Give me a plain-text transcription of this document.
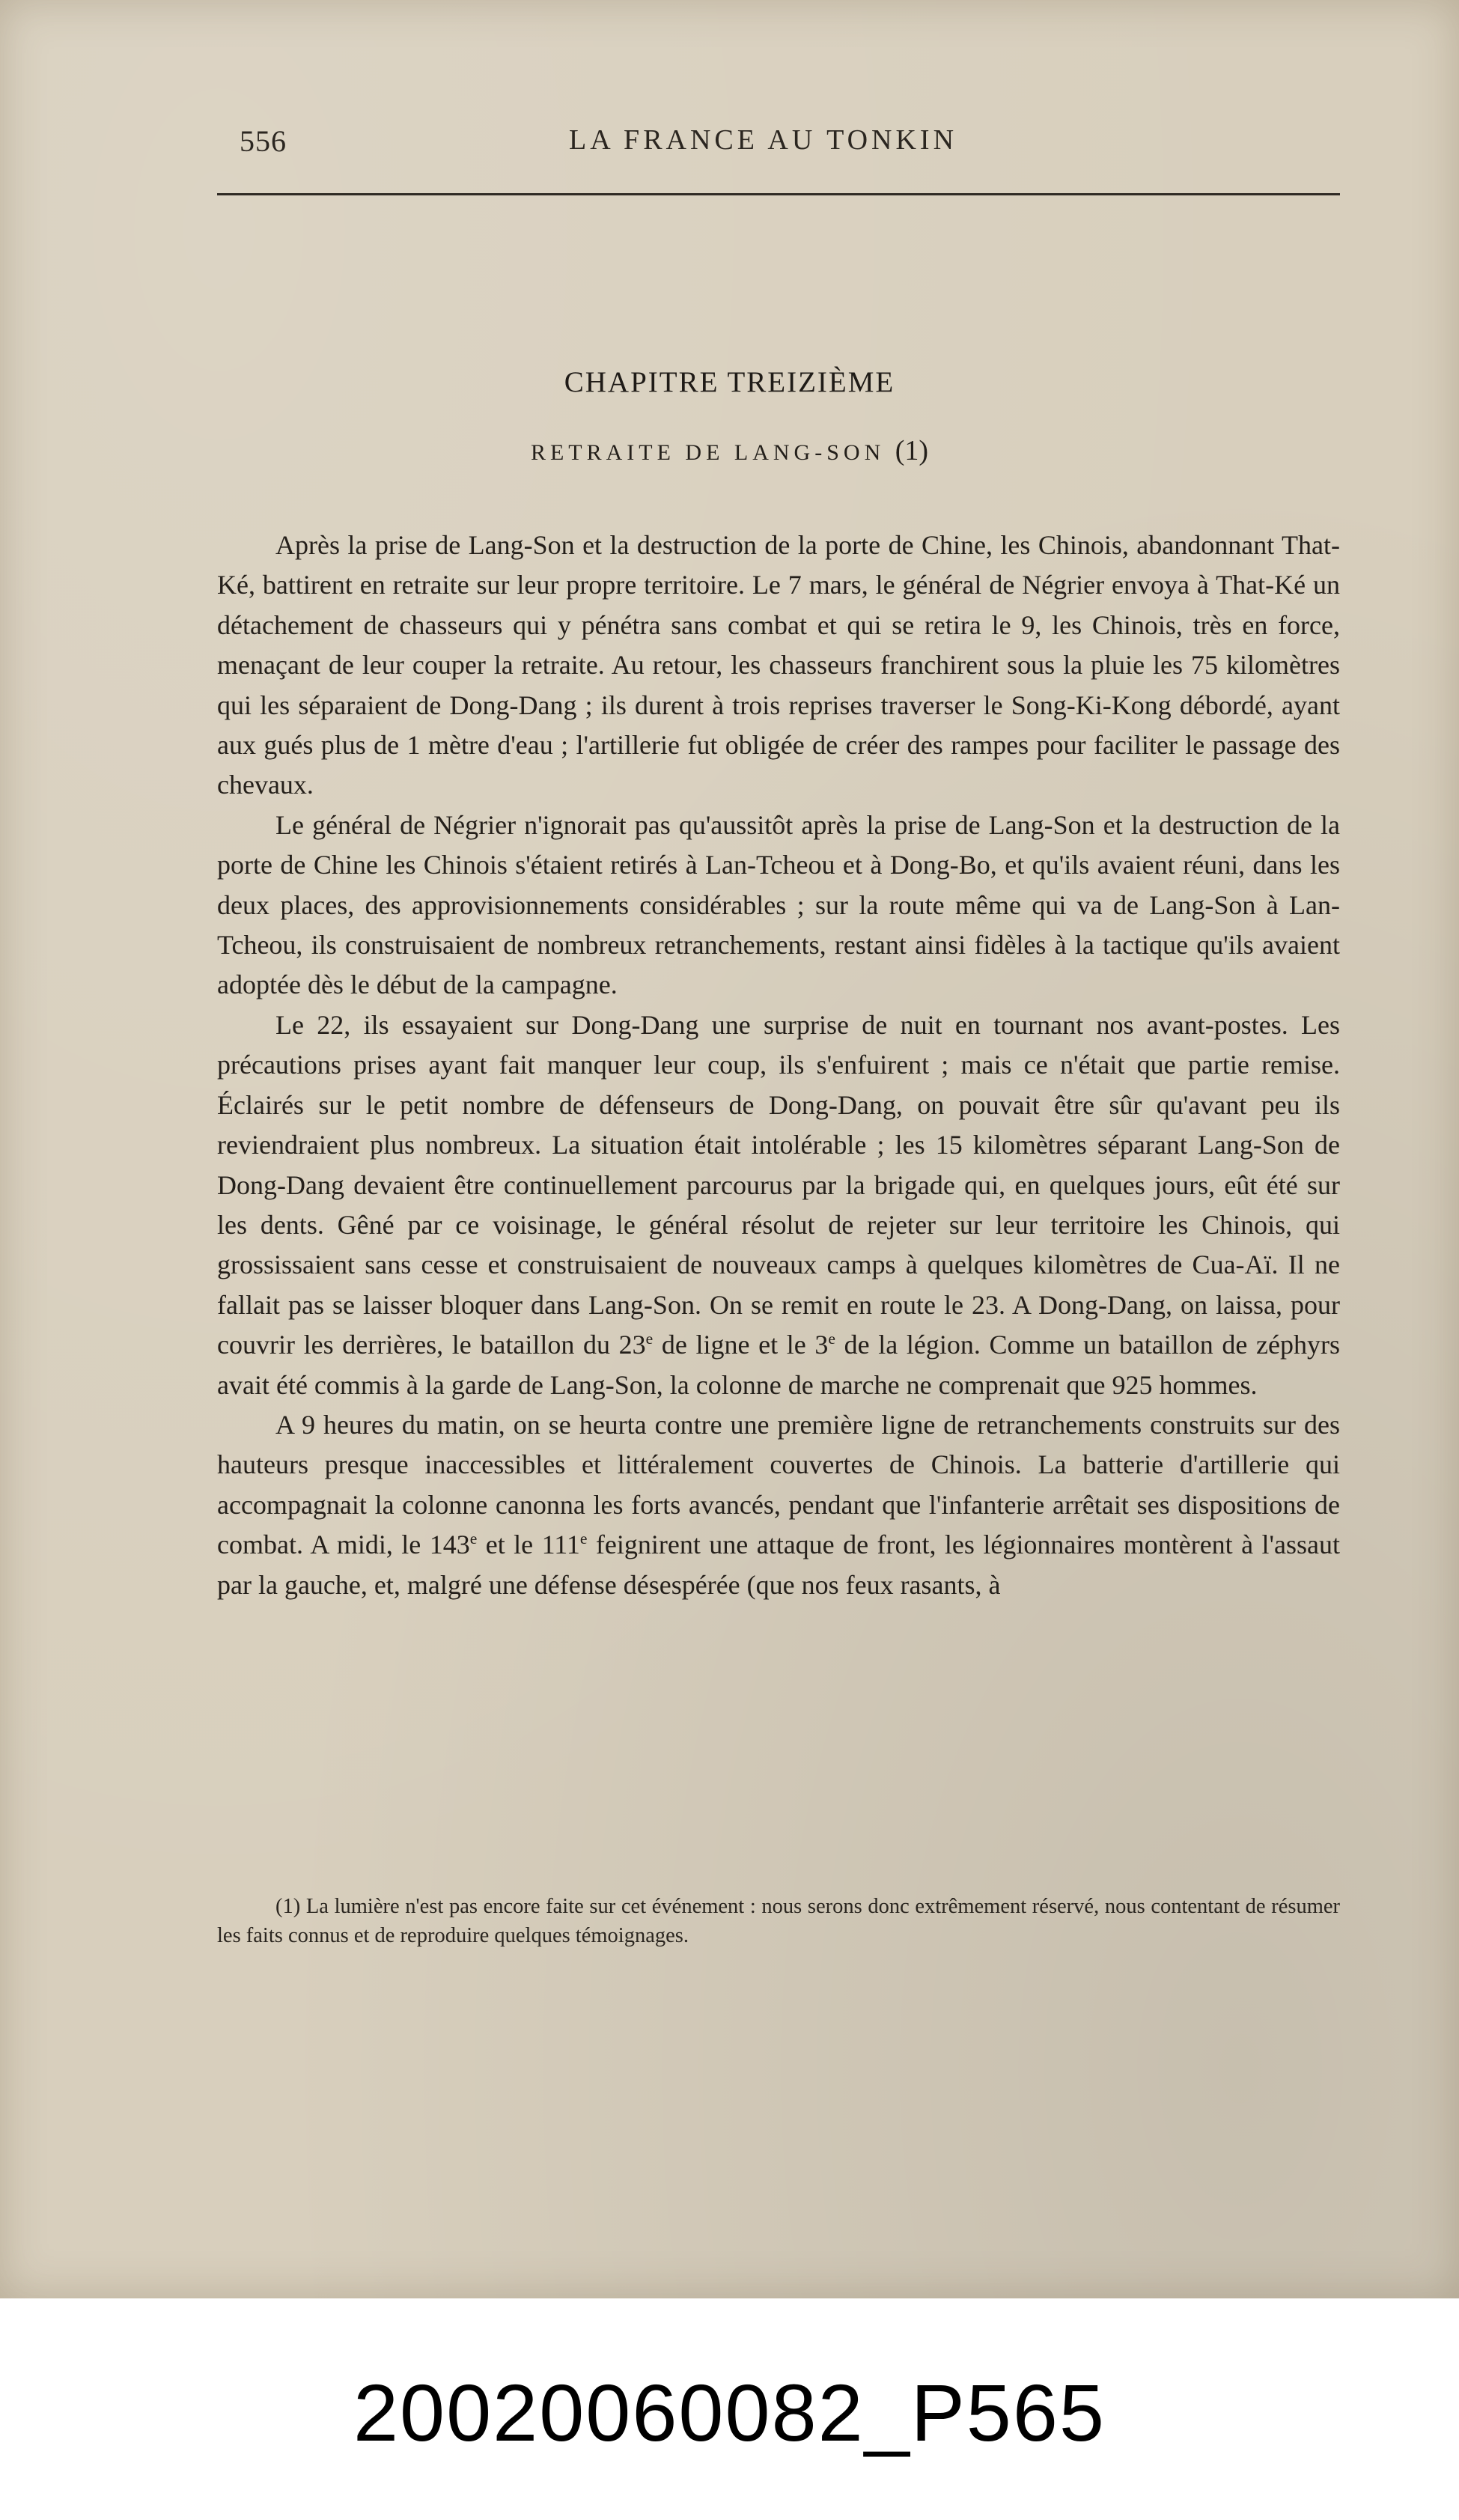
556	LA FRANCE AU TONKIN
CHAPITRE TREIZIÈME
RETRAITE DE LANG-SON (1)

Après la prise de Lang-Son et la destruction de la porte de Chine, les Chinois, abandonnant That-Ké, battirent en retraite sur leur propre territoire. Le 7 mars, le général de Négrier envoya à That-Ké un détachement de chasseurs qui y pénétra sans combat et qui se retira le 9, les Chinois, très en force, menaçant de leur couper la retraite. Au retour, les chasseurs franchirent sous la pluie les 75 kilomètres qui les séparaient de Dong-Dang ; ils durent à trois reprises traverser le Song-Ki-Kong débordé, ayant aux gués plus de 1 mètre d'eau ; l'artillerie fut obligée de créer des rampes pour faciliter le passage des chevaux.

Le général de Négrier n'ignorait pas qu'aussitôt après la prise de Lang-Son et la destruction de la porte de Chine les Chinois s'étaient retirés à Lan-Tcheou et à Dong-Bo, et qu'ils avaient réuni, dans les deux places, des approvisionnements considérables ; sur la route même qui va de Lang-Son à Lan-Tcheou, ils construisaient de nombreux retranchements, restant ainsi fidèles à la tactique qu'ils avaient adoptée dès le début de la campagne.

Le 22, ils essayaient sur Dong-Dang une surprise de nuit en tournant nos avant-postes. Les précautions prises ayant fait manquer leur coup, ils s'enfuirent ; mais ce n'était que partie remise. Éclairés sur le petit nombre de défenseurs de Dong-Dang, on pouvait être sûr qu'avant peu ils reviendraient plus nombreux. La situation était intolérable ; les 15 kilomètres séparant Lang-Son de Dong-Dang devaient être continuellement parcourus par la brigade qui, en quelques jours, eût été sur les dents. Gêné par ce voisinage, le général résolut de rejeter sur leur territoire les Chinois, qui grossissaient sans cesse et construisaient de nouveaux camps à quelques kilomètres de Cua-Aï. Il ne fallait pas se laisser bloquer dans Lang-Son. On se remit en route le 23. A Dong-Dang, on laissa, pour couvrir les derrières, le bataillon du 23e de ligne et le 3e de la légion. Comme un bataillon de zéphyrs avait été commis à la garde de Lang-Son, la colonne de marche ne comprenait que 925 hommes.

A 9 heures du matin, on se heurta contre une première ligne de retranchements construits sur des hauteurs presque inaccessibles et littéralement couvertes de Chinois. La batterie d'artillerie qui accompagnait la colonne canonna les forts avancés, pendant que l'infanterie arrêtait ses dispositions de combat. A midi, le 143e et le 111e feignirent une attaque de front, les légionnaires montèrent à l'assaut par la gauche, et, malgré une défense désespérée (que nos feux rasants, à

(1) La lumière n'est pas encore faite sur cet événement : nous serons donc extrêmement réservé, nous contentant de résumer les faits connus et de reproduire quelques témoignages.
20020060082_P565
